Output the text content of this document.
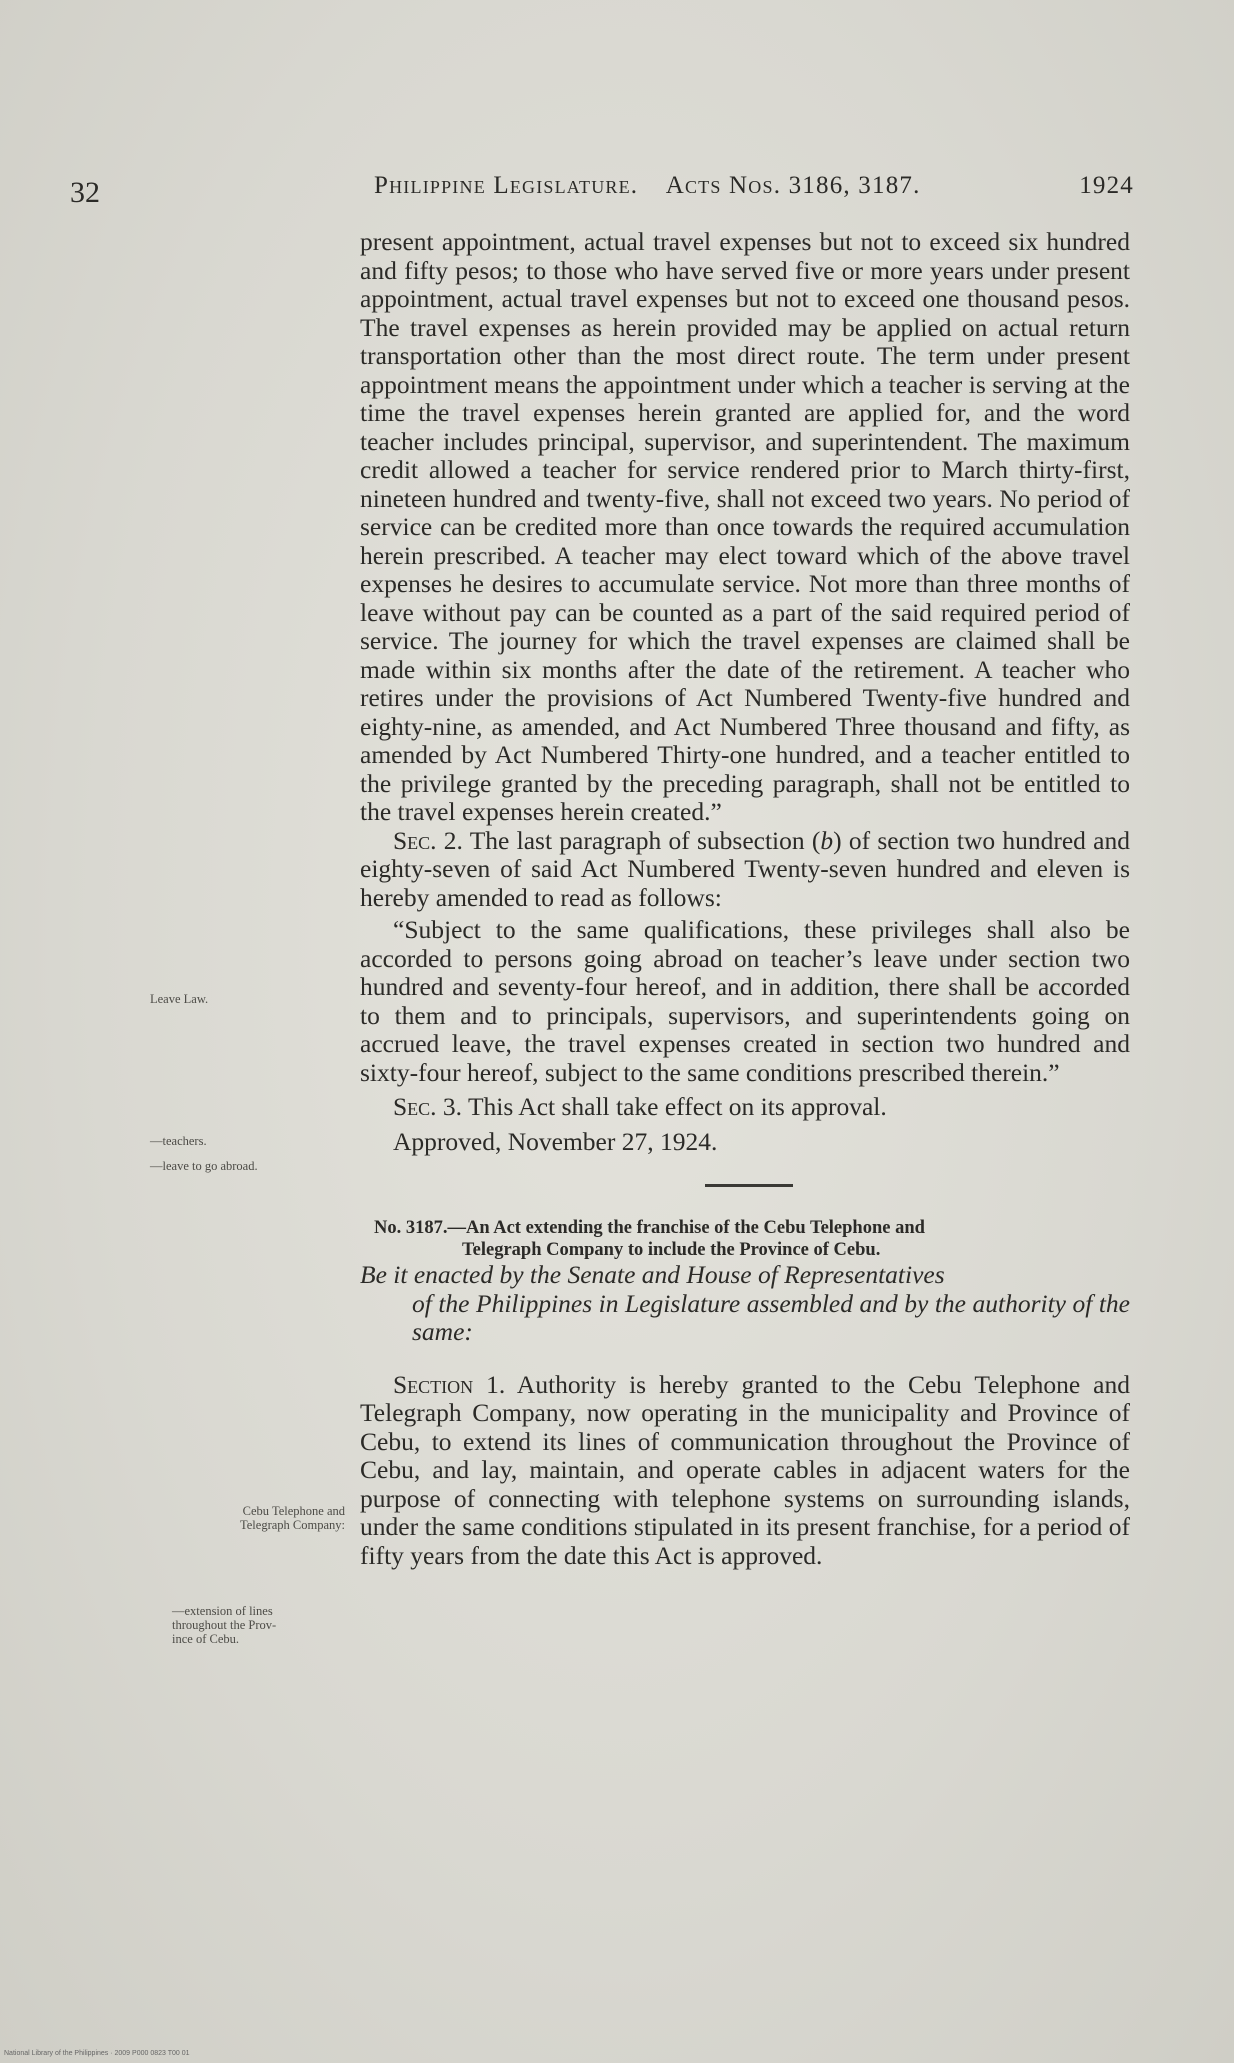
32	Philippine Legislature. Acts Nos. 3186, 3187.	1924
Leave Law.
—teachers.
—leave to go abroad.
Cebu Telephone and
Telegraph Company:
—extension of lines
throughout the Prov-
ince of Cebu.

present appointment, actual travel expenses but not to exceed six hundred and fifty pesos; to those who have served five or more years under present appointment, actual travel expenses but not to exceed one thousand pesos. The travel expenses as herein provided may be applied on actual return transportation other than the most direct route. The term under present appointment means the appointment under which a teacher is serving at the time the travel expenses herein granted are applied for, and the word teacher includes principal, supervisor, and superintendent. The maximum credit allowed a teacher for service rendered prior to March thirty-first, nineteen hundred and twenty-five, shall not exceed two years. No period of service can be credited more than once towards the required accumulation herein prescribed. A teacher may elect toward which of the above travel expenses he desires to accumulate service. Not more than three months of leave without pay can be counted as a part of the said required period of service. The journey for which the travel expenses are claimed shall be made within six months after the date of the retirement. A teacher who retires under the provisions of Act Numbered Twenty-five hundred and eighty-nine, as amended, and Act Numbered Three thousand and fifty, as amended by Act Numbered Thirty-one hundred, and a teacher entitled to the privilege granted by the preceding paragraph, shall not be entitled to the travel expenses herein created.”

Sec. 2. The last paragraph of subsection (b) of section two hundred and eighty-seven of said Act Numbered Twenty-seven hundred and eleven is hereby amended to read as follows:

“Subject to the same qualifications, these privileges shall also be accorded to persons going abroad on teacher’s leave under section two hundred and seventy-four hereof, and in addition, there shall be accorded to them and to principals, supervisors, and superintendents going on accrued leave, the travel expenses created in section two hundred and sixty-four hereof, subject to the same conditions prescribed therein.”

Sec. 3. This Act shall take effect on its approval.

Approved, November 27, 1924.

No. 3187.—An Act extending the franchise of the Cebu Telephone and
Telegraph Company to include the Province of Cebu.

Be it enacted by the Senate and House of Representatives
of the Philippines in Legislature assembled and by the authority of the same:

Section 1. Authority is hereby granted to the Cebu Telephone and Telegraph Company, now operating in the municipality and Province of Cebu, to extend its lines of communication throughout the Province of Cebu, and lay, maintain, and operate cables in adjacent waters for the purpose of connecting with telephone systems on surrounding islands, under the same conditions stipulated in its present franchise, for a period of fifty years from the date this Act is approved.

National Library of the Philippines · 2009 P000 0823 T00 01
